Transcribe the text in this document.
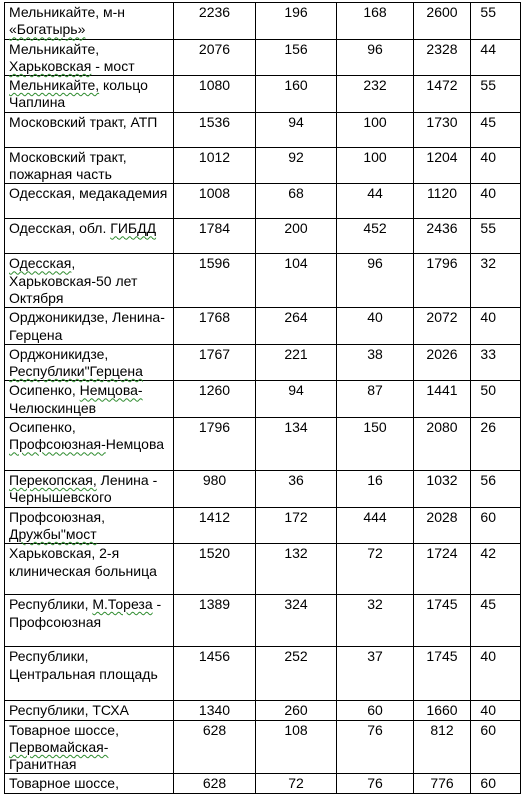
Мельникайте, м-н «Богатырь»	2236	196	168	2600	55
Мельникайте, Харьковская - мост	2076	156	96	2328	44
Мельникайте, кольцо Чаплина	1080	160	232	1472	55
Московский тракт, АТП	1536	94	100	1730	45
Московский тракт, пожарная часть	1012	92	100	1204	40
Одесская, медакадемия	1008	68	44	1120	40
Одесская, обл. ГИБДД	1784	200	452	2436	55
Одесская, Харьковская-50 лет Октября	1596	104	96	1796	32
Орджоникидзе, Ленина-Герцена	1768	264	40	2072	40
Орджоникидзе, Республики"Герцена	1767	221	38	2026	33
Осипенко, Немцова-Челюскинцев	1260	94	87	1441	50
Осипенко, Профсоюзная-Немцова	1796	134	150	2080	26
Перекопская, Ленина - Чернышевского	980	36	16	1032	56
Профсоюзная, Дружбы"мост	1412	172	444	2028	60
Харьковская, 2-я клиническая больница	1520	132	72	1724	42
Республики, М.Тореза - Профсоюзная	1389	324	32	1745	45
Республики, Центральная площадь	1456	252	37	1745	40
Республики, ТСХА	1340	260	60	1660	40
Товарное шоссе, Первомайская-Гранитная	628	108	76	812	60
Товарное шоссе,	628	72	76	776	60
